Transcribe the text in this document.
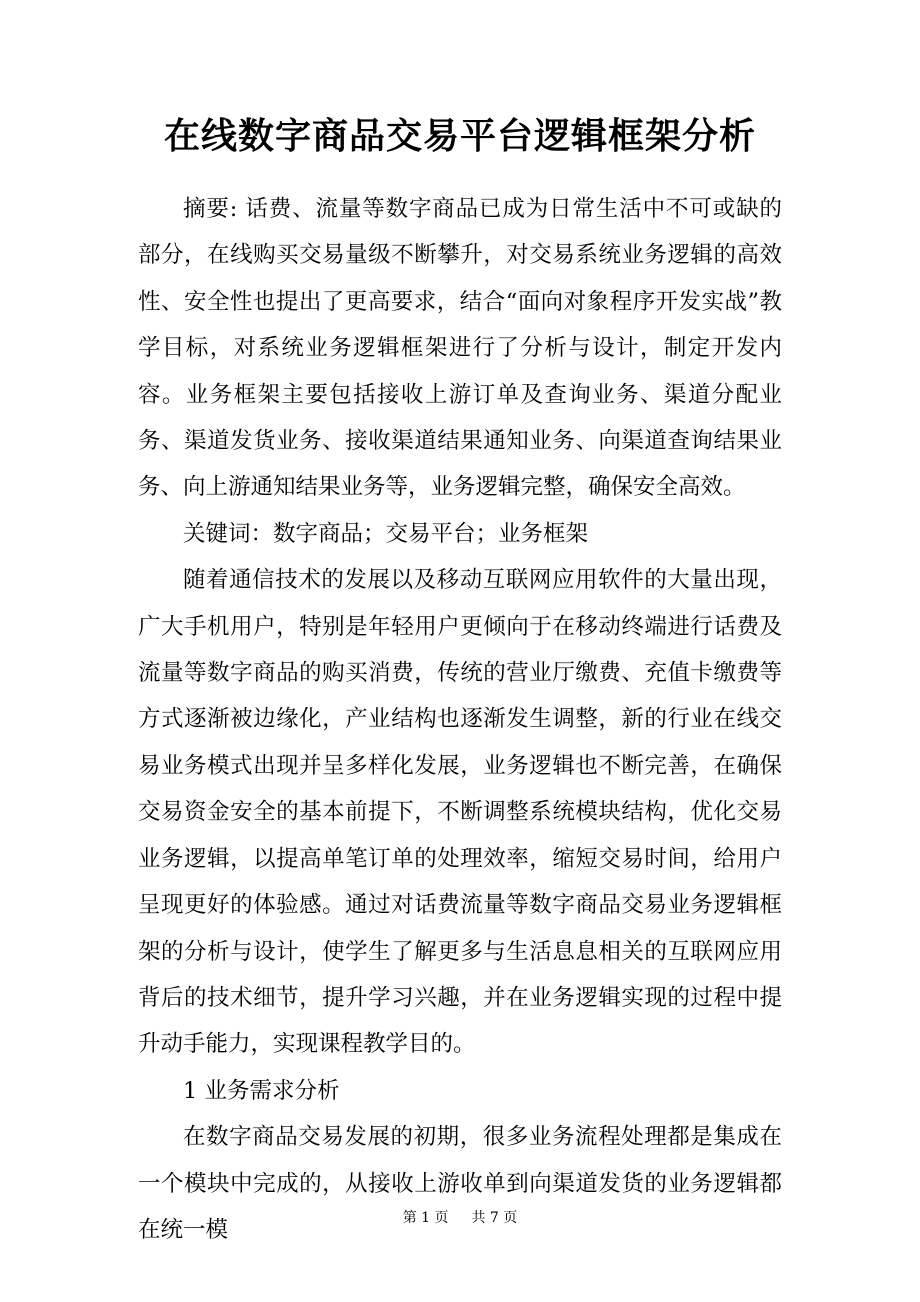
在线数字商品交易平台逻辑框架分析

摘要: 话费、流量等数字商品已成为日常生活中不可或缺的部分，在线购买交易量级不断攀升，对交易系统业务逻辑的高效性、安全性也提出了更高要求，结合“面向对象程序开发实战”教学目标，对系统业务逻辑框架进行了分析与设计，制定开发内容。业务框架主要包括接收上游订单及查询业务、渠道分配业务、渠道发货业务、接收渠道结果通知业务、向渠道查询结果业务、向上游通知结果业务等，业务逻辑完整，确保安全高效。

关键词：数字商品；交易平台；业务框架

随着通信技术的发展以及移动互联网应用软件的大量出现，广大手机用户，特别是年轻用户更倾向于在移动终端进行话费及流量等数字商品的购买消费，传统的营业厅缴费、充值卡缴费等方式逐渐被边缘化，产业结构也逐渐发生调整，新的行业在线交易业务模式出现并呈多样化发展，业务逻辑也不断完善，在确保交易资金安全的基本前提下，不断调整系统模块结构，优化交易业务逻辑，以提高单笔订单的处理效率，缩短交易时间，给用户呈现更好的体验感。通过对话费流量等数字商品交易业务逻辑框架的分析与设计，使学生了解更多与生活息息相关的互联网应用背后的技术细节，提升学习兴趣，并在业务逻辑实现的过程中提升动手能力，实现课程教学目的。

1 业务需求分析

在数字商品交易发展的初期，很多业务流程处理都是集成在一个模块中完成的，从接收上游收单到向渠道发货的业务逻辑都在统一模	第 1 页 共 7 页
